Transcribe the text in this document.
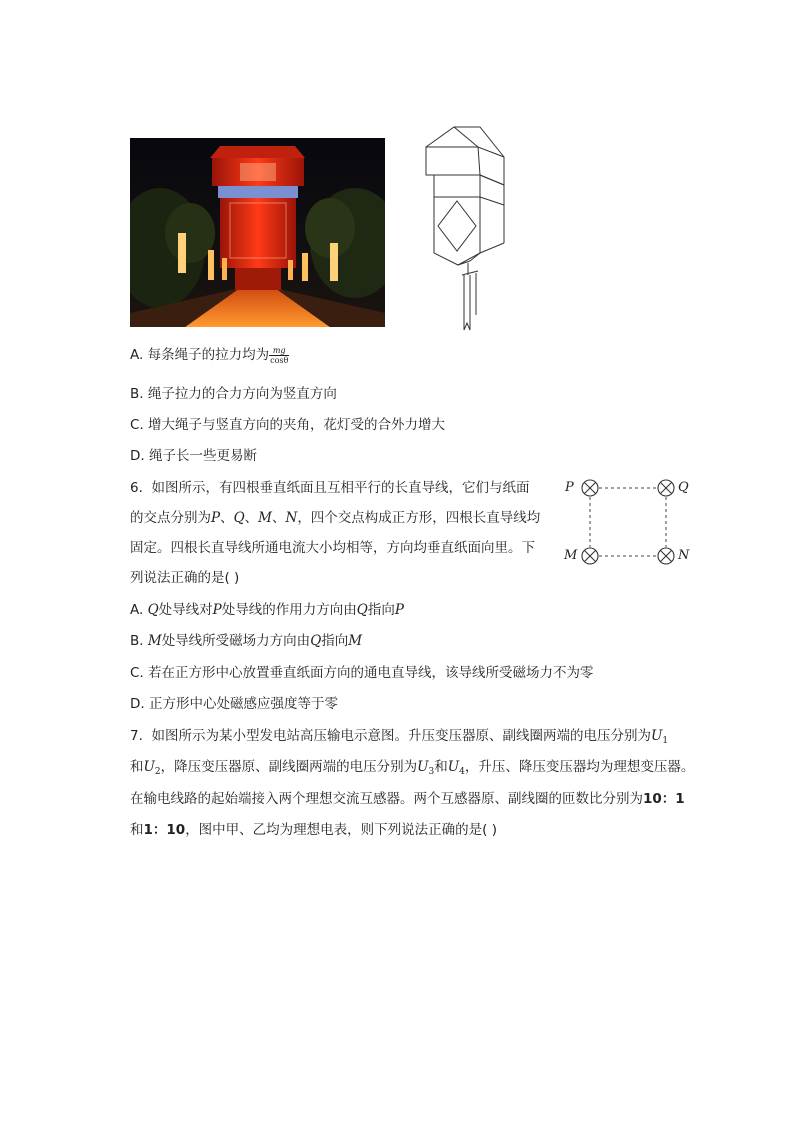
A. 每条绳子的拉力均为 $\frac{mg}{\cos\theta}$
B. 绳子拉力的合力方向为竖直方向
C. 增大绳子与竖直方向的夹角，花灯受的合外力增大
D. 绳子长一些更易断
6. 如图所示，有四根垂直纸面且互相平行的长直导线，它们与纸面
的交点分别为P、Q、M、N，四个交点构成正方形，四根长直导线均
固定。四根长直导线所通电流大小均相等，方向均垂直纸面向里。下
列说法正确的是( )
P	Q
M	N
A. Q处导线对P处导线的作用力方向由Q指向P
B. M处导线所受磁场力方向由Q指向M
C. 若在正方形中心放置垂直纸面方向的通电直导线，该导线所受磁场力不为零
D. 正方形中心处磁感应强度等于零
7. 如图所示为某小型发电站高压输电示意图。升压变压器原、副线圈两端的电压分别为$U_1$
和$U_2$，降压变压器原、副线圈两端的电压分别为$U_3$和$U_4$，升压、降压变压器均为理想变压器。
在输电线路的起始端接入两个理想交流互感器。两个互感器原、副线圈的匝数比分别为10：1
和1：10，图中甲、乙均为理想电表，则下列说法正确的是( )
